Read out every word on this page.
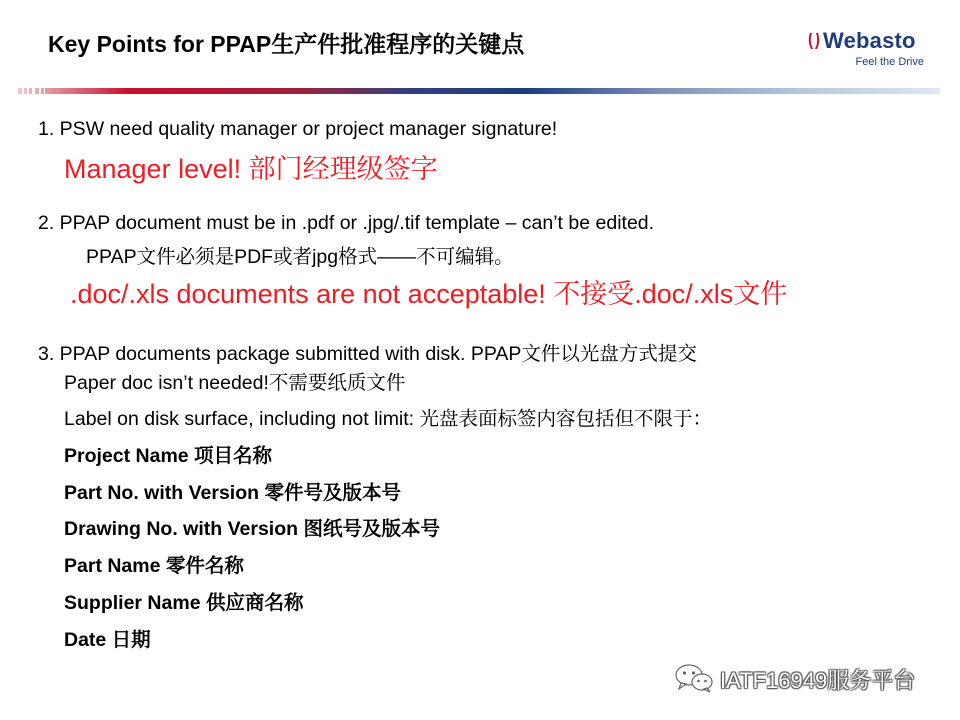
Key Points for PPAP生产件批准程序的关键点	Webasto
Feel the Drive
1. PSW need quality manager or project manager signature!
Manager level! 部门经理级签字
2. PPAP document must be in .pdf or .jpg/.tif template – can’t be edited.
PPAP文件必须是PDF或者jpg格式——不可编辑。
.doc/.xls documents are not acceptable! 不接受.doc/.xls文件
3. PPAP documents package submitted with disk. PPAP文件以光盘方式提交
Paper doc isn’t needed!不需要纸质文件
Label on disk surface, including not limit: 光盘表面标签内容包括但不限于：
Project Name 项目名称
Part No. with Version 零件号及版本号
Drawing No. with Version 图纸号及版本号
Part Name 零件名称
Supplier Name 供应商名称
Date 日期
IATF16949服务平台
